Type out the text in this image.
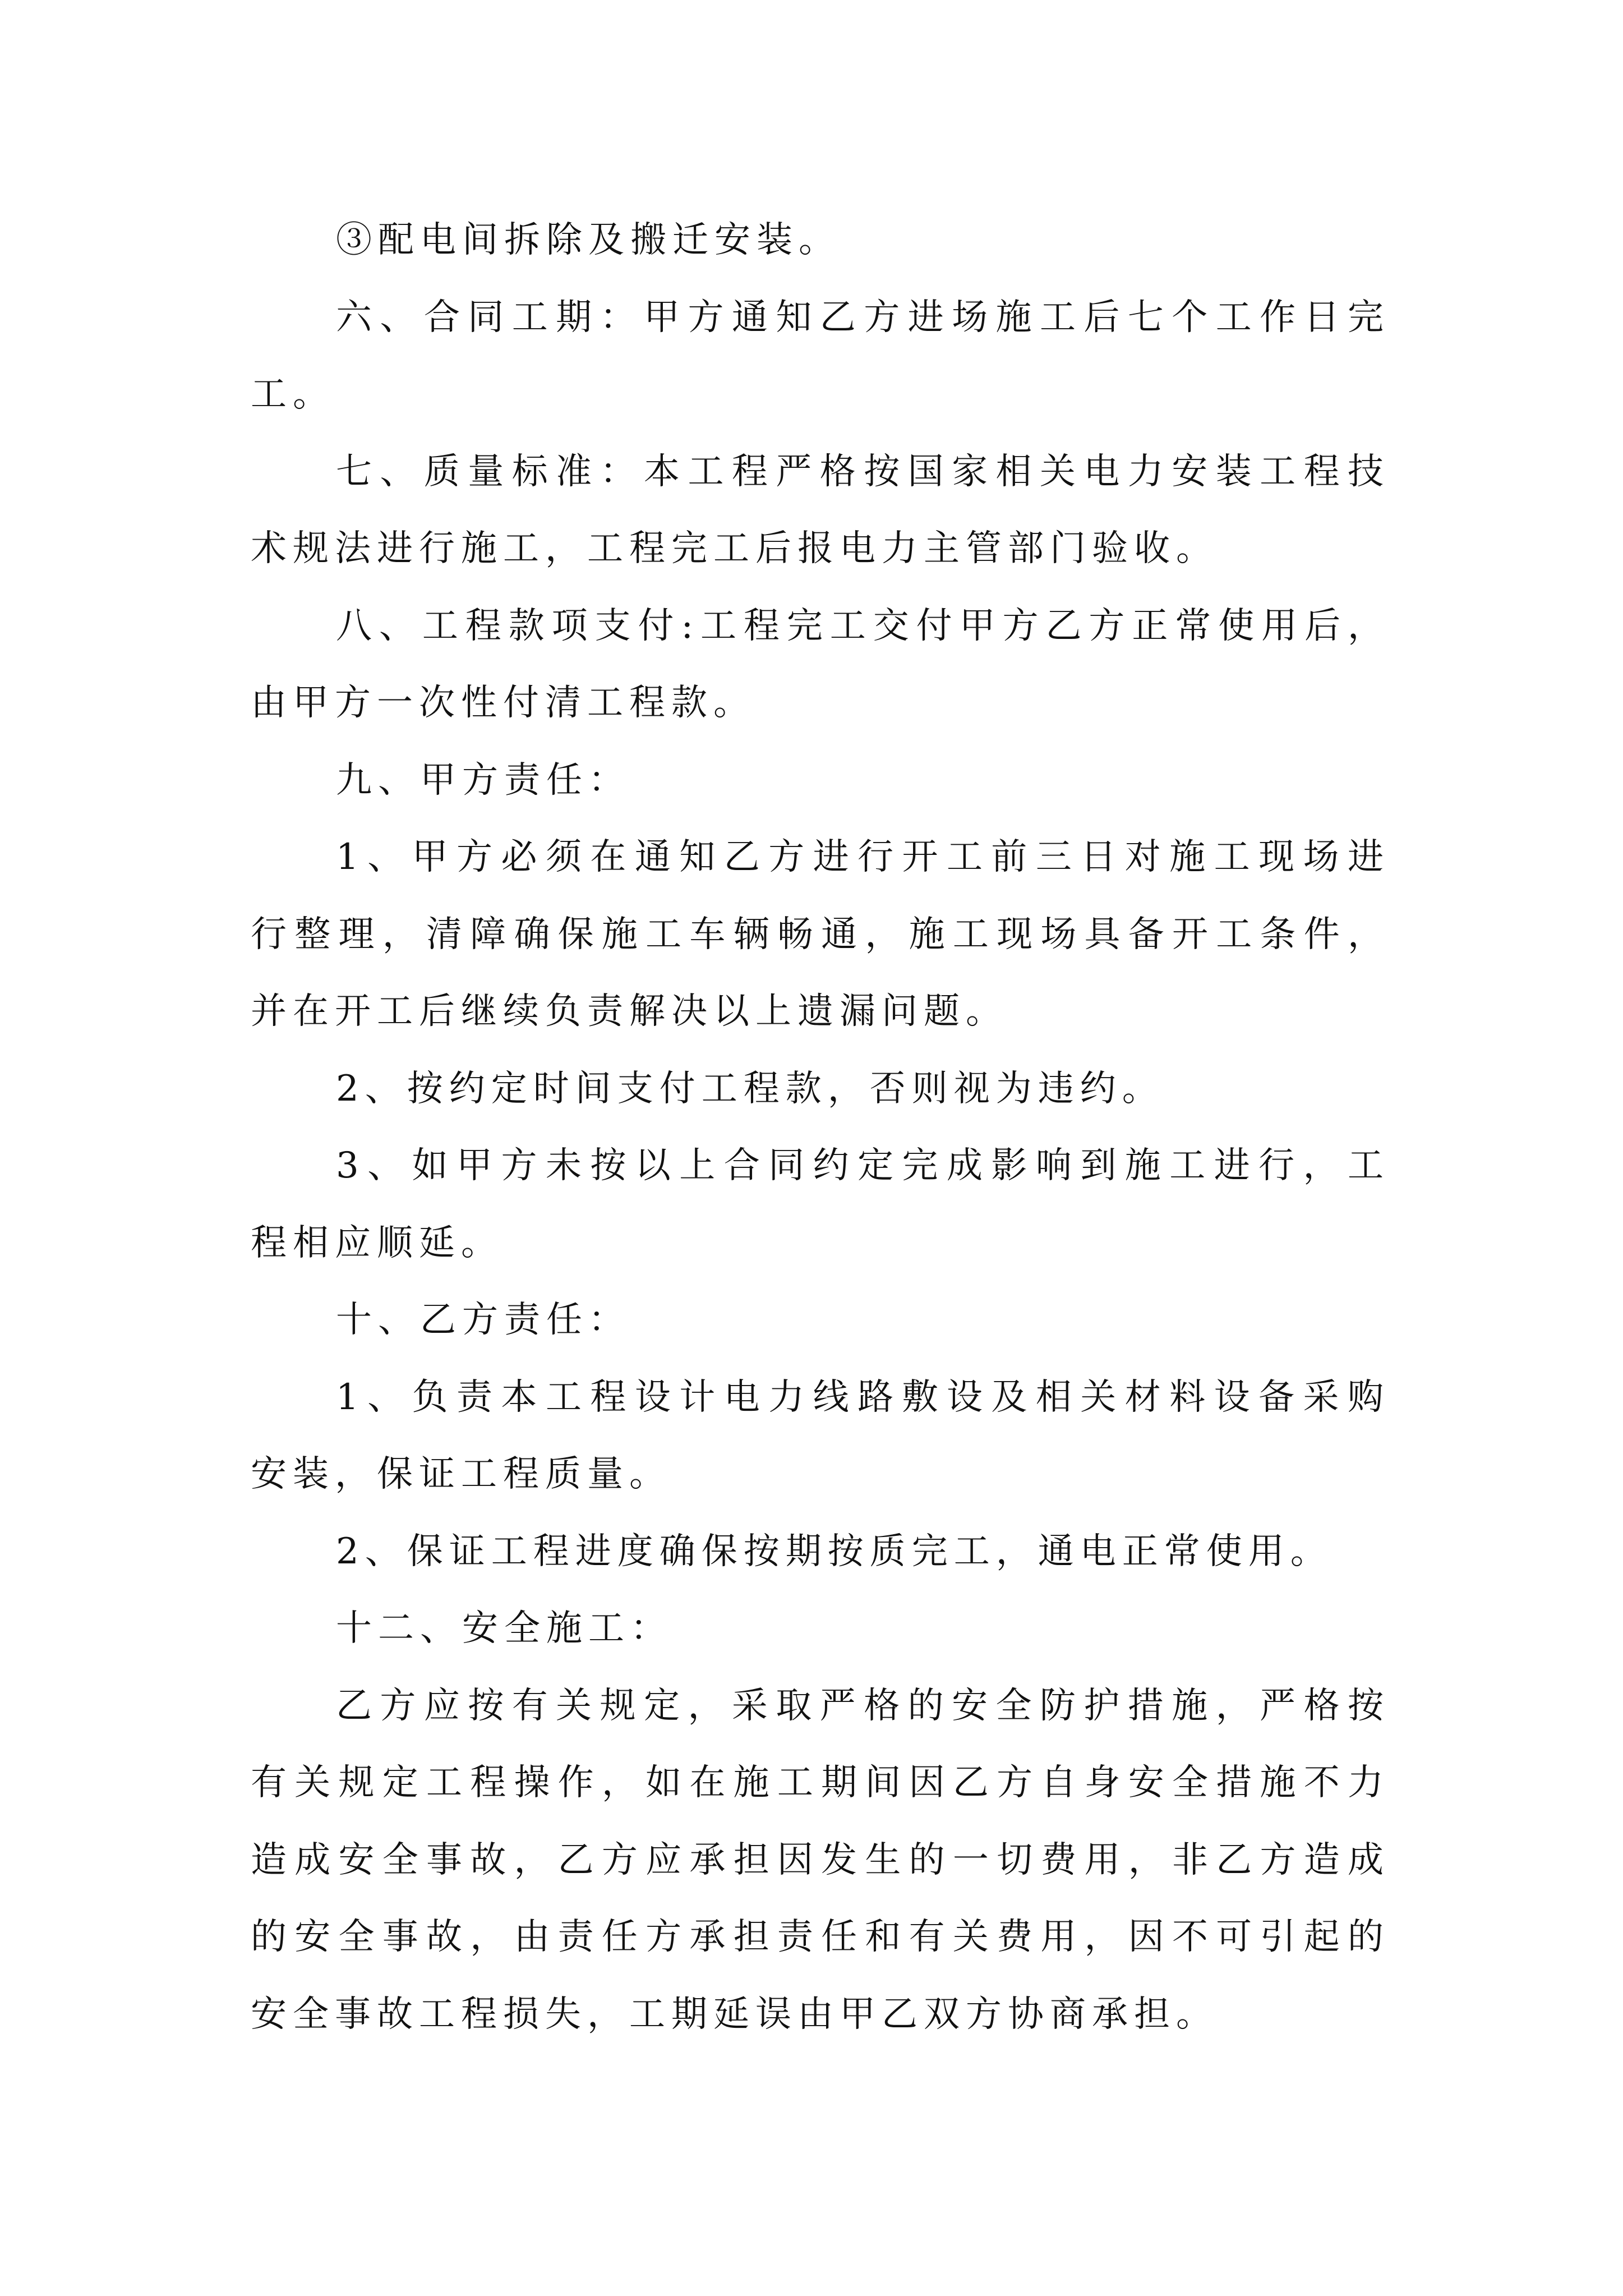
③配电间拆除及搬迁安装。
六、合同工期：甲方通知乙方进场施工后七个工作日完
工。
七、质量标准：本工程严格按国家相关电力安装工程技
术规法进行施工，工程完工后报电力主管部门验收。
八、工程款项支付:工程完工交付甲方乙方正常使用后，
由甲方一次性付清工程款。
九、甲方责任：
1、甲方必须在通知乙方进行开工前三日对施工现场进
行整理，清障确保施工车辆畅通，施工现场具备开工条件，
并在开工后继续负责解决以上遗漏问题。
2、按约定时间支付工程款，否则视为违约。
3、如甲方未按以上合同约定完成影响到施工进行，工
程相应顺延。
十、乙方责任：
1、负责本工程设计电力线路敷设及相关材料设备采购
安装，保证工程质量。
2、保证工程进度确保按期按质完工，通电正常使用。
十二、安全施工：
乙方应按有关规定，采取严格的安全防护措施，严格按
有关规定工程操作，如在施工期间因乙方自身安全措施不力
造成安全事故，乙方应承担因发生的一切费用，非乙方造成
的安全事故，由责任方承担责任和有关费用，因不可引起的
安全事故工程损失，工期延误由甲乙双方协商承担。
